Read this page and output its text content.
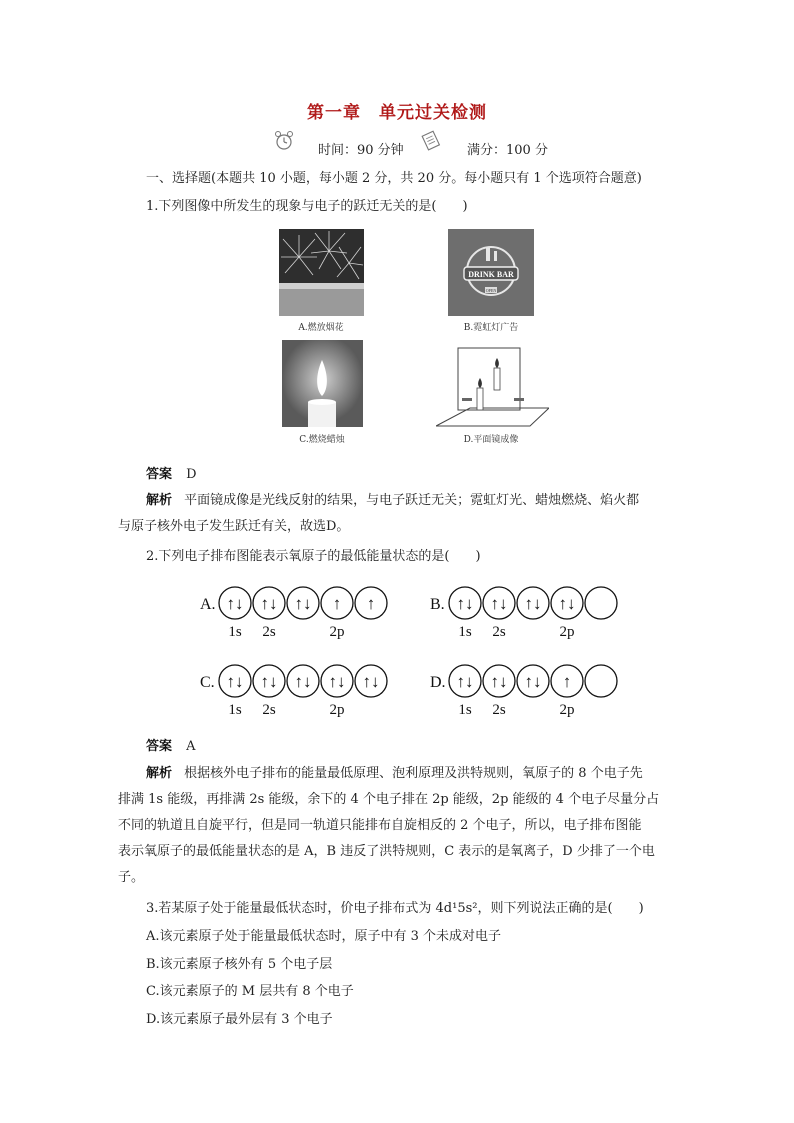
第一章　单元过关检测
时间：90 分钟	满分：100 分
一、选择题(本题共 10 小题，每小题 2 分，共 20 分。每小题只有 1 个选项符合题意)
1.下列图像中所发生的现象与电子的跃迁无关的是(　　)
A.燃放烟花
DRINK BAR
OPEN
B.霓虹灯广告
C.燃烧蜡烛	D.平面镜成像
答案 D
解析 平面镜成像是光线反射的结果，与电子跃迁无关；霓虹灯光、蜡烛燃烧、焰火都
与原子核外电子发生跃迁有关，故选D。
2.下列电子排布图能表示氧原子的最低能量状态的是(　　)
A. ↑↓ ↑↓ ↑↓ ↑ ↑
1s 2s	2p
B. ↑↓ ↑↓ ↑↓ ↑↓
1s 2s	2p
C. ↑↓ ↑↓ ↑↓ ↑↓ ↑↓
1s 2s	2p
D. ↑↓ ↑↓ ↑↓ ↑
1s 2s	2p
答案 A
解析 根据核外电子排布的能量最低原理、泡利原理及洪特规则，氧原子的 8 个电子先
排满 1s 能级，再排满 2s 能级，余下的 4 个电子排在 2p 能级，2p 能级的 4 个电子尽量分占
不同的轨道且自旋平行，但是同一轨道只能排布自旋相反的 2 个电子，所以，电子排布图能
表示氧原子的最低能量状态的是 A，B 违反了洪特规则，C 表示的是氧离子，D 少排了一个电
子。
3.若某原子处于能量最低状态时，价电子排布式为 4d¹5s²，则下列说法正确的是(　　)
A.该元素原子处于能量最低状态时，原子中有 3 个未成对电子
B.该元素原子核外有 5 个电子层
C.该元素原子的 M 层共有 8 个电子
D.该元素原子最外层有 3 个电子
